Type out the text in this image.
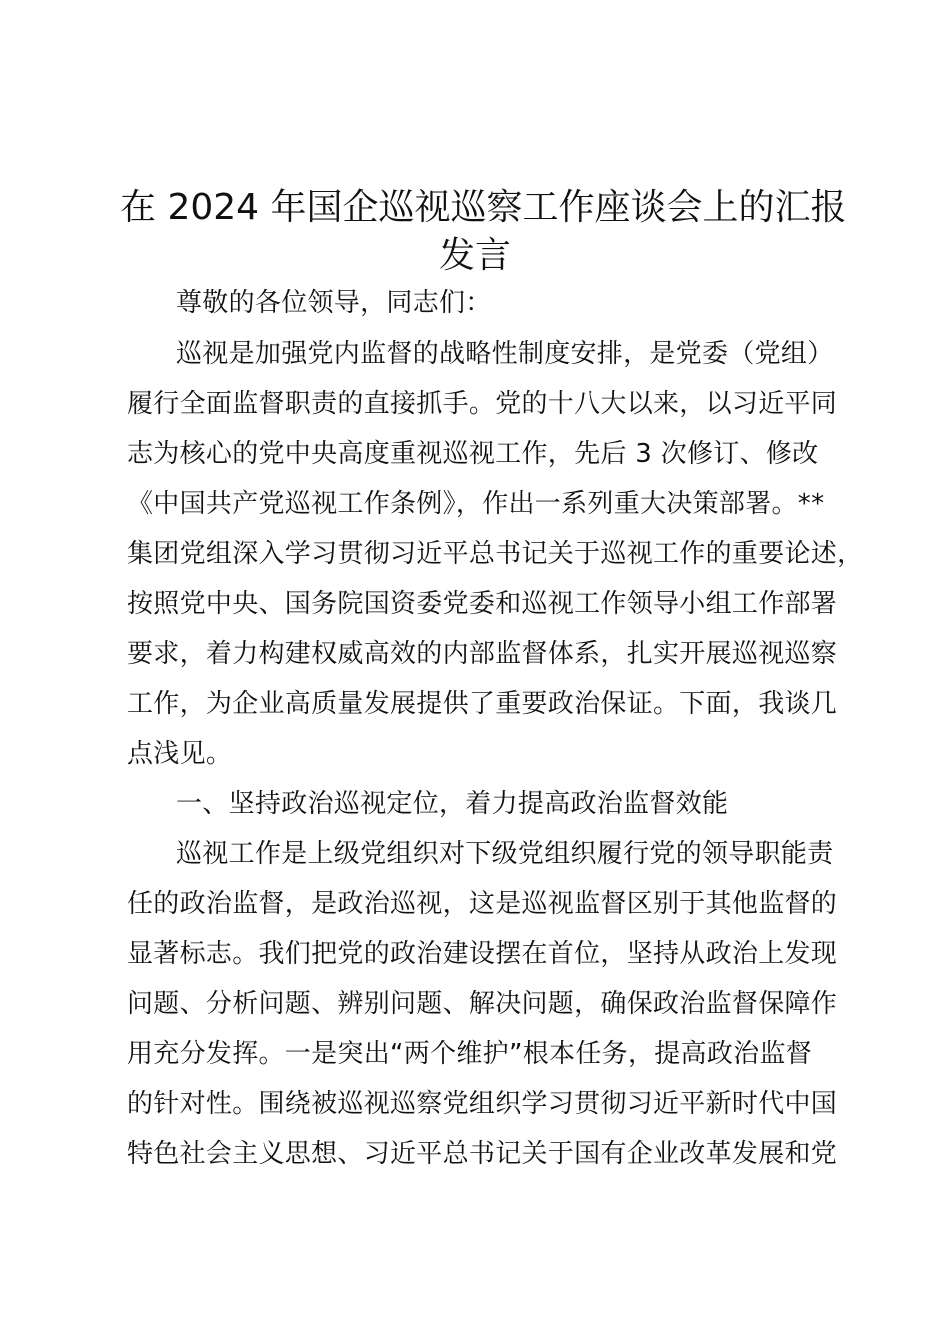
在 2024 年国企巡视巡察工作座谈会上的汇报
发言
尊敬的各位领导，同志们：
巡视是加强党内监督的战略性制度安排，是党委（党组）
履行全面监督职责的直接抓手。党的十八大以来，以习近平同
志为核心的党中央高度重视巡视工作，先后 3 次修订、修改
《中国共产党巡视工作条例》，作出一系列重大决策部署。**
集团党组深入学习贯彻习近平总书记关于巡视工作的重要论述，
按照党中央、国务院国资委党委和巡视工作领导小组工作部署
要求，着力构建权威高效的内部监督体系，扎实开展巡视巡察
工作，为企业高质量发展提供了重要政治保证。下面，我谈几
点浅见。
一、坚持政治巡视定位，着力提高政治监督效能
巡视工作是上级党组织对下级党组织履行党的领导职能责
任的政治监督，是政治巡视，这是巡视监督区别于其他监督的
显著标志。我们把党的政治建设摆在首位，坚持从政治上发现
问题、分析问题、辨别问题、解决问题，确保政治监督保障作
用充分发挥。一是突出“两个维护”根本任务，提高政治监督
的针对性。围绕被巡视巡察党组织学习贯彻习近平新时代中国
特色社会主义思想、习近平总书记关于国有企业改革发展和党
